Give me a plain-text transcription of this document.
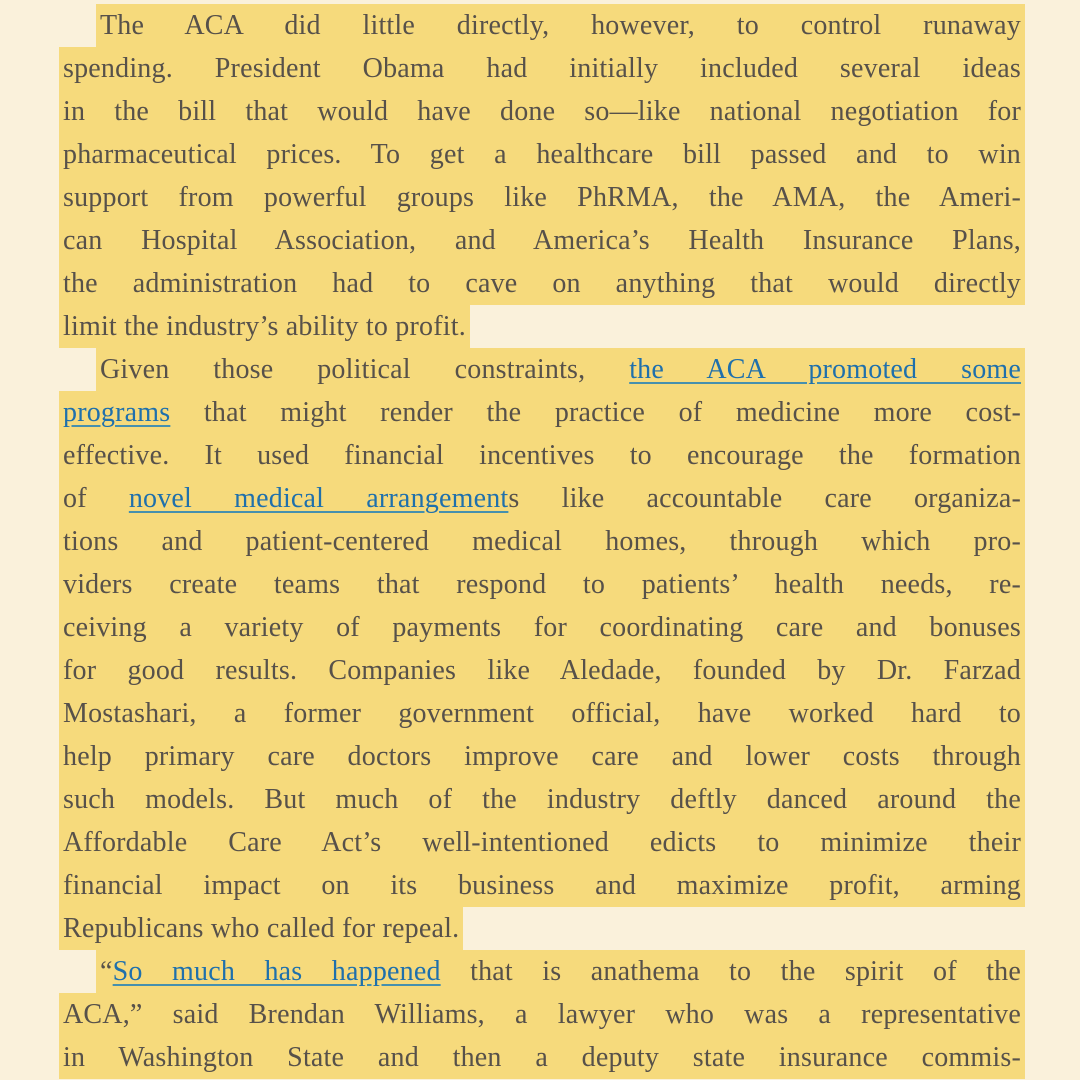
The ACA did little directly, however, to control runaway
spending. President Obama had initially included several ideas
in the bill that would have done so—like national negotiation for
pharmaceutical prices. To get a healthcare bill passed and to win
support from powerful groups like PhRMA, the AMA, the Ameri-
can Hospital Association, and America’s Health Insurance Plans,
the administration had to cave on anything that would directly
limit the industry’s ability to profit.
Given those political constraints, the ACA promoted some
programs that might render the practice of medicine more cost-
effective. It used financial incentives to encourage the formation
of novel medical arrangements like accountable care organiza-
tions and patient-centered medical homes, through which pro-
viders create teams that respond to patients’ health needs, re-
ceiving a variety of payments for coordinating care and bonuses
for good results. Companies like Aledade, founded by Dr. Farzad
Mostashari, a former government official, have worked hard to
help primary care doctors improve care and lower costs through
such models. But much of the industry deftly danced around the
Affordable Care Act’s well-intentioned edicts to minimize their
financial impact on its business and maximize profit, arming
Republicans who called for repeal.
“So much has happened that is anathema to the spirit of the
ACA,” said Brendan Williams, a lawyer who was a representative
in Washington State and then a deputy state insurance commis-
